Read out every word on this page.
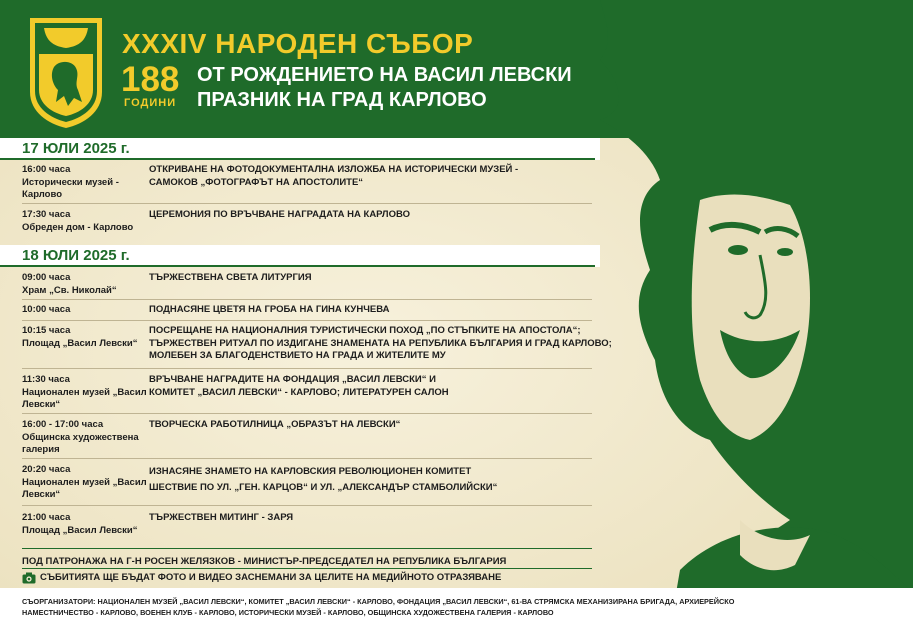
XXXIV НАРОДЕН СЪБОР
188
ГОДИНИ
ОТ РОЖДЕНИЕТО НА ВАСИЛ ЛЕВСКИ
ПРАЗНИК НА ГРАД КАРЛОВО
17 ЮЛИ 2025 г.
16:00 часа
Исторически музей - Карлово
ОТКРИВАНЕ НА ФОТОДОКУМЕНТАЛНА ИЗЛОЖБА НА ИСТОРИЧЕСКИ МУЗЕЙ - САМОКОВ „ФОТОГРАФЪТ НА АПОСТОЛИТЕ“
17:30 часа
Обреден дом - Карлово
ЦЕРЕМОНИЯ ПО ВРЪЧВАНЕ НАГРАДАТА НА КАРЛОВО
18 ЮЛИ 2025 г.
09:00 часа
Храм „Св. Николай“
ТЪРЖЕСТВЕНА СВЕТА ЛИТУРГИЯ
10:00 часа	ПОДНАСЯНЕ ЦВЕТЯ НА ГРОБА НА ГИНА КУНЧЕВА
10:15 часа
Площад „Васил Левски“
ПОСРЕЩАНЕ НА НАЦИОНАЛНИЯ ТУРИСТИЧЕСКИ ПОХОД „ПО СТЪПКИТЕ НА АПОСТОЛА“;
ТЪРЖЕСТВЕН РИТУАЛ ПО ИЗДИГАНЕ ЗНАМЕНАТА НА РЕПУБЛИКА БЪЛГАРИЯ И ГРАД КАРЛОВО;
МОЛЕБЕН ЗА БЛАГОДЕНСТВИЕТО НА ГРАДА И ЖИТЕЛИТЕ МУ
11:30 часа
Национален музей „Васил Левски“
ВРЪЧВАНЕ НАГРАДИТЕ НА ФОНДАЦИЯ „ВАСИЛ ЛЕВСКИ“ И КОМИТЕТ „ВАСИЛ ЛЕВСКИ“ - КАРЛОВО; ЛИТЕРАТУРЕН САЛОН
16:00 - 17:00 часа
Общинска художествена галерия
ТВОРЧЕСКА РАБОТИЛНИЦА „ОБРАЗЪТ НА ЛЕВСКИ“
20:20 часа
Национален музей „Васил Левски“
ИЗНАСЯНЕ ЗНАМЕТО НА КАРЛОВСКИЯ РЕВОЛЮЦИОНЕН КОМИТЕТ
ШЕСТВИЕ ПО УЛ. „ГЕН. КАРЦОВ“ И УЛ. „АЛЕКСАНДЪР СТАМБОЛИЙСКИ“
21:00 часа
Площад „Васил Левски“
ТЪРЖЕСТВЕН МИТИНГ - ЗАРЯ
ПОД ПАТРОНАЖА НА Г-Н РОСЕН ЖЕЛЯЗКОВ - МИНИСТЪР-ПРЕДСЕДАТЕЛ НА РЕПУБЛИКА БЪЛГАРИЯ
СЪБИТИЯТА ЩЕ БЪДАТ ФОТО И ВИДЕО ЗАСНЕМАНИ ЗА ЦЕЛИТЕ НА МЕДИЙНОТО ОТРАЗЯВАНЕ
СЪОРГАНИЗАТОРИ: НАЦИОНАЛЕН МУЗЕЙ „ВАСИЛ ЛЕВСКИ“, КОМИТЕТ „ВАСИЛ ЛЕВСКИ“ - КАРЛОВО, ФОНДАЦИЯ „ВАСИЛ ЛЕВСКИ“, 61-ВА СТРЯМСКА МЕХАНИЗИРАНА БРИГАДА, АРХИЕРЕЙСКО НАМЕСТНИЧЕСТВО - КАРЛОВО, ВОЕНЕН КЛУБ - КАРЛОВО, ИСТОРИЧЕСКИ МУЗЕЙ - КАРЛОВО, ОБЩИНСКА ХУДОЖЕСТВЕНА ГАЛЕРИЯ - КАРЛОВО
